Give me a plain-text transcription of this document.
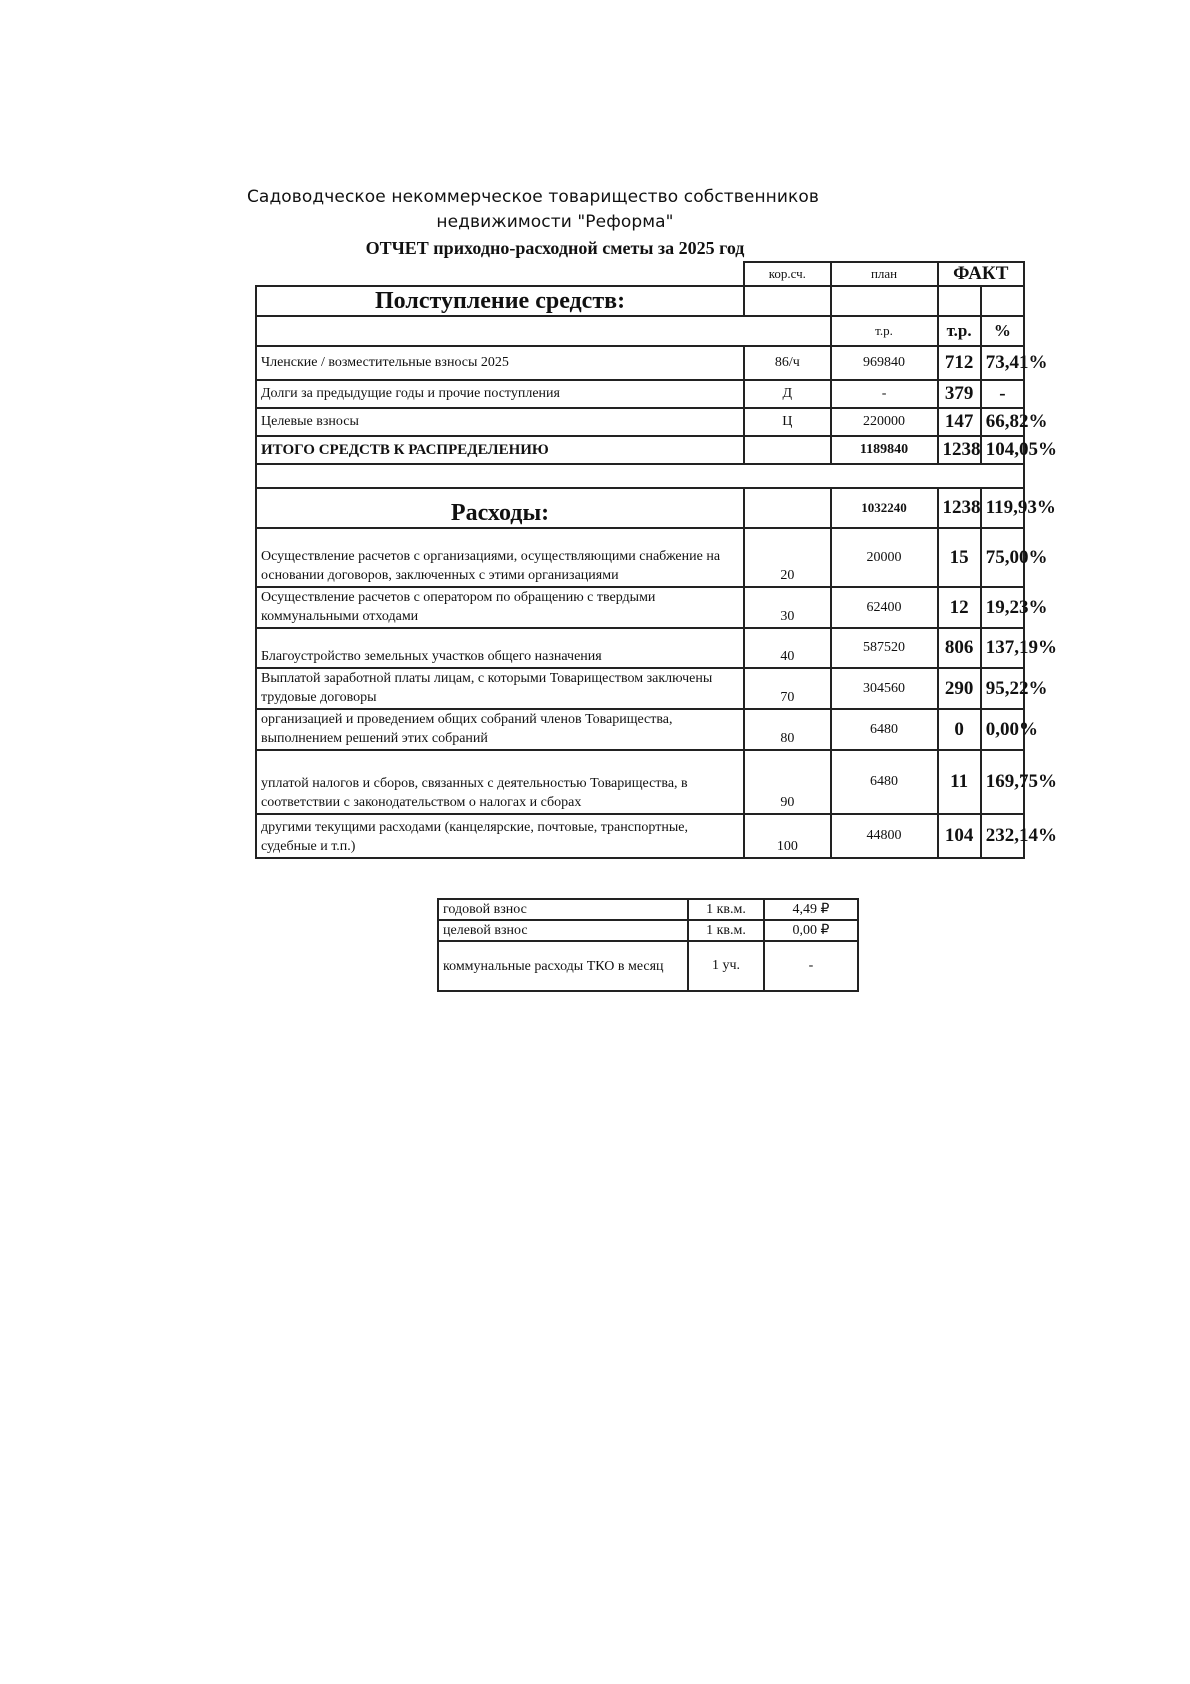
Садоводческое некоммерческое товарищество собственников
недвижимости "Реформа"
ОТЧЕТ приходно-расходной сметы за 2025 год
	кор.сч.	план	ФАКТ	
Полступление средств:				
		т.р.	т.р.	%
Членские / возместительные взносы 2025	86/ч	969840	712	73,41%
Долги за предыдущие годы и прочие поступления	Д	-	379	-
Целевые взносы	Ц	220000	147	66,82%
ИТОГО СРЕДСТВ К РАСПРЕДЕЛЕНИЮ		1189840	1238	104,05%

Расходы:		1032240	1238	119,93%
Осуществление расчетов с организациями, осуществляющими снабжение на основании договоров, заключенных с этими организациями	20	20000	15	75,00%
Осуществление расчетов с оператором по обращению с твердыми коммунальными отходами	30	62400	12	19,23%
Благоустройство земельных участков общего назначения	40	587520	806	137,19%
Выплатой заработной платы лицам, с которыми Товариществом заключены трудовые договоры	70	304560	290	95,22%
организацией и проведением общих собраний членов Товарищества, выполнением решений этих собраний	80	6480	0	0,00%
уплатой налогов и сборов, связанных с деятельностью Товарищества, в соответствии с законодательством о налогах и сборах	90	6480	11	169,75%
другими текущими расходами (канцелярские, почтовые, транспортные, судебные и т.п.)	100	44800	104	232,14%
годовой взнос	1 кв.м.	4,49 ₽
целевой взнос	1 кв.м.	0,00 ₽
коммунальные расходы ТКО в месяц	1 уч.	-
